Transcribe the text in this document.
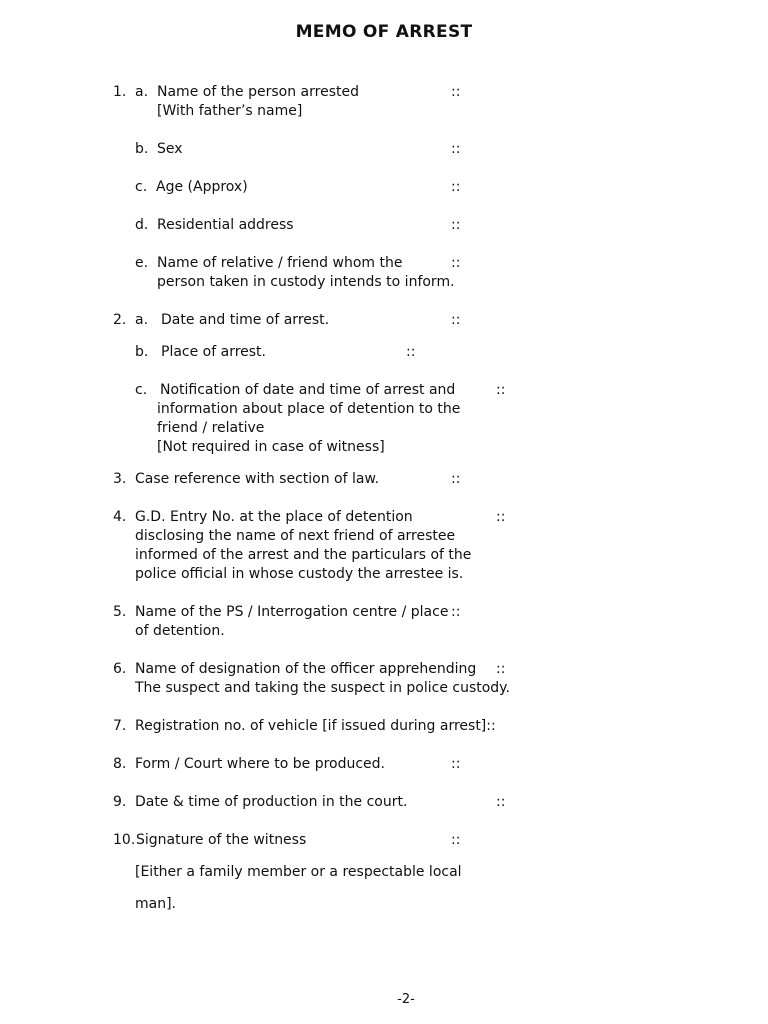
MEMO OF ARREST
1. a. Name of the person arrested	::
[With father’s name]
b. Sex	::
c. Age (Approx)	::
d. Residential address	::
e. Name of relative / friend whom the	::
person taken in custody intends to inform.
2. a. Date and time of arrest.	::
b. Place of arrest.	::
c. Notification of date and time of arrest and	::
information about place of detention to the
friend / relative
[Not required in case of witness]
3. Case reference with section of law.	::
4. G.D. Entry No. at the place of detention	::
disclosing the name of next friend of arrestee
informed of the arrest and the particulars of the
police official in whose custody the arrestee is.
5. Name of the PS / Interrogation centre / place ::
of detention.
6. Name of designation of the officer apprehending ::
The suspect and taking the suspect in police custody.
7. Registration no. of vehicle [if issued during arrest]::
8. Form / Court where to be produced.	::
9. Date & time of production in the court.	::
10. Signature of the witness	::
[Either a family member or a respectable local
man].
-2-
